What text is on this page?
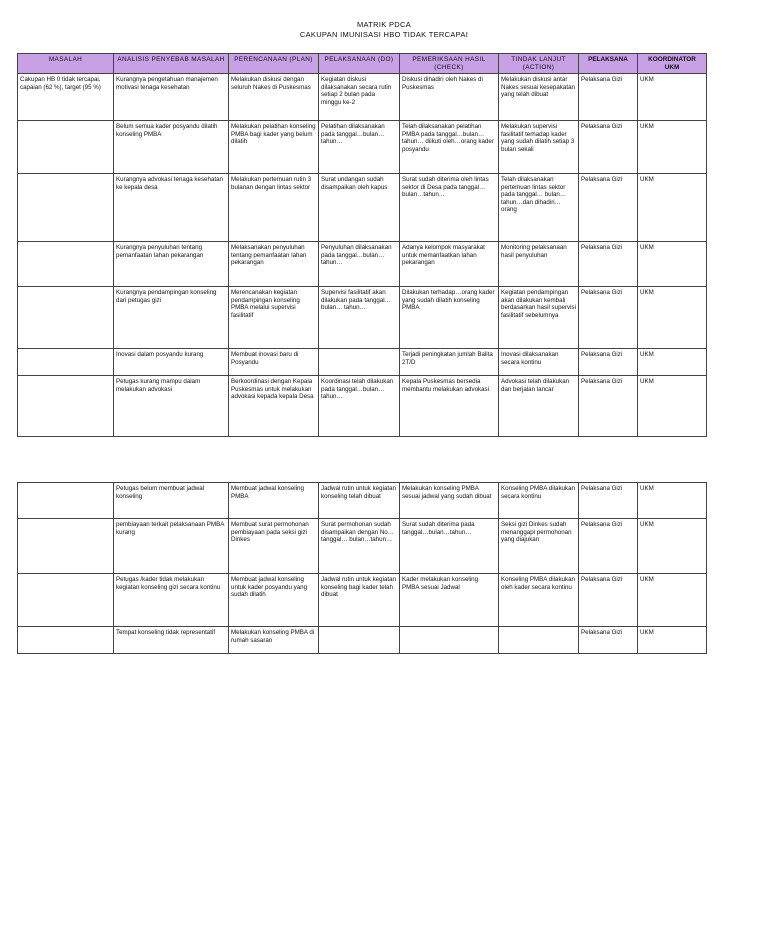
MATRIK PDCA
CAKUPAN IMUNISASI HBO TIDAK TERCAPAI
MASALAH	ANALISIS PENYEBAB MASALAH	PERENCANAAN (PLAN)	PELAKSANAAN (DO)	PEMERIKSAAN HASIL (CHECK)	TINDAK LANJUT (ACTION)	PELAKSANA	KOORDINATOR UKM
Cakupan HB 0 tidak tercapai, capaian (62 %), target (95 %)	Kurangnya pengetahuan manajemen motivasi tenaga kesehatan	Melakukan diskusi dengan seluruh Nakes di Puskesmas	Kegiatan diskusi dilaksanakan secara rutin setiap 2 bulan pada minggu ke-2	Diskusi dihadiri oleh Nakes di Puskesmas	Melakukan diskusi antar Nakes sesuai kesepakatan yang telah dibuat	Pelaksana Gizi	UKM
	Belum semua kader posyandu dilatih konseling PMBA	Melakukan pelatihan konseling PMBA bagi kader yang belum dilatih	Pelatihan dilaksanakan pada tanggal…bulan… tahun…	Telah dilaksanakan pelatihan PMBA pada tanggal…bulan…tahun… diikuti oleh…orang kader posyandu	Melakukan supervisi fasilitatif terhadap kader yang sudah dilatih setiap 3 bulan sekali	Pelaksana Gizi	UKM
	Kurangnya advokasi tenaga kesehatan ke kepala desa	Melakukan pertemuan rutin 3 bulanan dengan lintas sektor	Surat undangan sudah disampaikan oleh kapus	Surat sudah diterima oleh lintas sektor di Desa pada tanggal…bulan…tahun…	Telah dilaksanakan pertemuan lintas sektor pada tanggal… bulan…tahun…dan dihadiri…orang	Pelaksana Gizi	UKM
	Kurangnya penyuluhan tentang pemanfaatan lahan pekarangan	Melaksanakan penyuluhan tentang pemanfaatan lahan pekarangan	Penyuluhan dilaksanakan pada tanggal…bulan… tahun…	Adanya kelompok masyarakat untuk memanfaatkan lahan pekarangan	Monitoring pelaksanaan hasil penyuluhan	Pelaksana Gizi	UKM
	Kurangnya pendampingan konseling dari petugas gizi	Merencanakan kegiatan pendampingan konseling PMBA melalui supervisi fasilitatif	Supervisi fasilitatif akan dilakukan pada tanggal…bulan… tahun…	Dilakukan terhadap…orang kader yang sudah dilatih konseling PMBA	Kegiatan pendampingan akan dilakukan kembali berdasarkan hasil supervisi fasilitatif sebelumnya	Pelaksana Gizi	UKM
	Inovasi dalam posyandu kurang	Membuat inovasi baru di Posyandu		Terjadi peningkatan jumlah Balita 2T/D	Inovasi dilaksanakan secara kontinu	Pelaksana Gizi	UKM
	Petugas kurang mampu dalam melakukan advokasi	Berkoordinasi dengan Kepala Puskesmas untuk melakukan advokasi kepada kepala Desa	Koordinasi telah dilakukan pada tanggal…bulan… tahun…	Kepala Puskesmas bersedia membantu melakukan advokasi	Advokasi telah dilakukan dan berjalan lancar	Pelaksana Gizi	UKM
	Petugas belum membuat jadwal konseling	Membuat jadwal konseling PMBA	Jadwal rutin untuk kegiatan konseling telah dibuat	Melakukan konseling PMBA sesuai jadwal yang sudah dibuat	Konseling PMBA dilakukan secara kontinu	Pelaksana Gizi	UKM
	pembiayaan terkait pelaksanaan PMBA kurang	Membuat surat permohonan pembiayaan pada seksi gizi Dinkes	Surat permohonan sudah disampaikan dengan No…tanggal… bulan…tahun…	Surat sudah diterima pada tanggal…bulan…tahun…	Seksi gizi Dinkes sudah menanggapi permohonan yang diajukan	Pelaksana Gizi	UKM
	Petugas /kader tidak melakukan kegiatan konseling gizi secara kontinu	Membuat jadwal konseling untuk kader posyandu yang sudah dilatih	Jadwal rutin untuk kegiatan konseling bagi kader telah dibuat	Kader melakukan konseling PMBA sesuai Jadwal	Konseling PMBA dilakukan oleh kader secara kontinu	Pelaksana Gizi	UKM
	Tempat konseling tidak representatif	Melakukan konseling PMBA di rumah sasaran				Pelaksana Gizi	UKM
